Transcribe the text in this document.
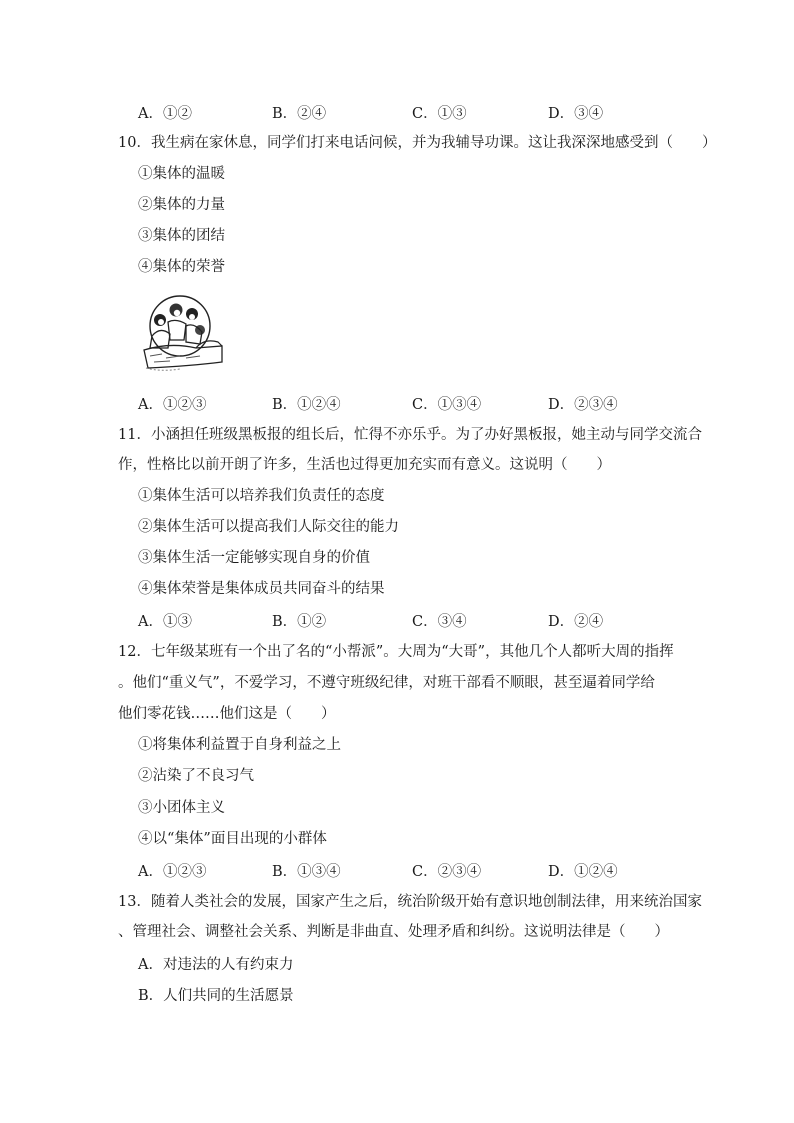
A．①②	B．②④	C．①③	D．③④
10．我生病在家休息，同学们打来电话问候，并为我辅导功课。这让我深深地感受到（　　）
①集体的温暖
②集体的力量
③集体的团结
④集体的荣誉
A．①②③	B．①②④	C．①③④	D．②③④
11．小涵担任班级黑板报的组长后，忙得不亦乐乎。为了办好黑板报，她主动与同学交流合
作，性格比以前开朗了许多，生活也过得更加充实而有意义。这说明（　　）
①集体生活可以培养我们负责任的态度
②集体生活可以提高我们人际交往的能力
③集体生活一定能够实现自身的价值
④集体荣誉是集体成员共同奋斗的结果
A．①③	B．①②	C．③④	D．②④
12．七年级某班有一个出了名的“小帮派”。大周为“大哥”，其他几个人都听大周的指挥
。他们“重义气”，不爱学习，不遵守班级纪律，对班干部看不顺眼，甚至逼着同学给
他们零花钱……他们这是（　　）
①将集体利益置于自身利益之上
②沾染了不良习气
③小团体主义
④以“集体”面目出现的小群体
A．①②③	B．①③④	C．②③④	D．①②④
13．随着人类社会的发展，国家产生之后，统治阶级开始有意识地创制法律，用来统治国家
、管理社会、调整社会关系、判断是非曲直、处理矛盾和纠纷。这说明法律是（　　）
A．对违法的人有约束力
B．人们共同的生活愿景
